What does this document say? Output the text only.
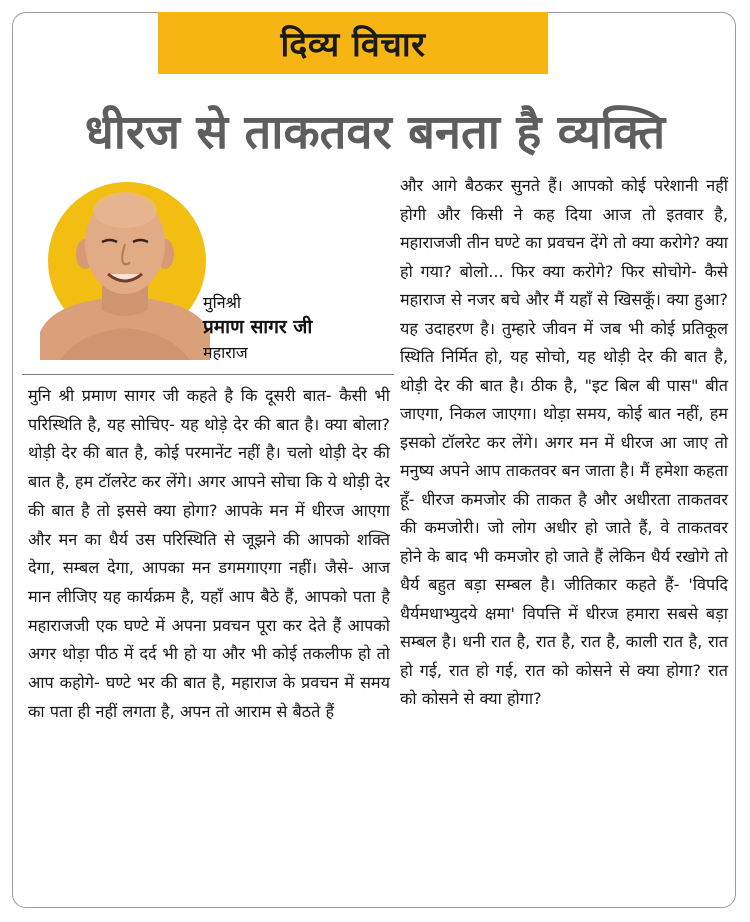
दिव्य विचार
धीरज से ताकतवर बनता है व्यक्ति
मुनिश्री
प्रमाण सागर जी
महाराज

मुनि श्री प्रमाण सागर जी कहते है कि दूसरी बात- कैसी भी परिस्थिति है, यह सोचिए- यह थोड़े देर की बात है। क्या बोला? थोड़ी देर की बात है, कोई परमानेंट नहीं है। चलो थोड़ी देर की बात है, हम टॉलरेट कर लेंगे। अगर आपने सोचा कि ये थोड़ी देर की बात है तो इससे क्या होगा? आपके मन में धीरज आएगा और मन का धैर्य उस परिस्थिति से जूझने की आपको शक्ति देगा, सम्बल देगा, आपका मन डगमगाएगा नहीं। जैसे- आज मान लीजिए यह कार्यक्रम है, यहाँ आप बैठे हैं, आपको पता है महाराजजी एक घण्टे में अपना प्रवचन पूरा कर देते हैं आपको अगर थोड़ा पीठ में दर्द भी हो या और भी कोई तकलीफ हो तो आप कहोगे- घण्टे भर की बात है, महाराज के प्रवचन में समय का पता ही नहीं लगता है, अपन तो आराम से बैठते हैं

और आगे बैठकर सुनते हैं। आपको कोई परेशानी नहीं होगी और किसी ने कह दिया आज तो इतवार है, महाराजजी तीन घण्टे का प्रवचन देंगे तो क्या करोगे? क्या हो गया? बोलो... फिर क्या करोगे? फिर सोचोगे- कैसे महाराज से नजर बचे और मैं यहाँ से खिसकूँ। क्या हुआ? यह उदाहरण है। तुम्हारे जीवन में जब भी कोई प्रतिकूल स्थिति निर्मित हो, यह सोचो, यह थोड़ी देर की बात है, थोड़ी देर की बात है। ठीक है, "इट बिल बी पास" बीत जाएगा, निकल जाएगा। थोड़ा समय, कोई बात नहीं, हम इसको टॉलरेट कर लेंगे। अगर मन में धीरज आ जाए तो मनुष्य अपने आप ताकतवर बन जाता है। मैं हमेशा कहता हूँ- धीरज कमजोर की ताकत है और अधीरता ताकतवर की कमजोरी। जो लोग अधीर हो जाते हैं, वे ताकतवर होने के बाद भी कमजोर हो जाते हैं लेकिन धैर्य रखोगे तो धैर्य बहुत बड़ा सम्बल है। जीतिकार कहते हैं- 'विपदि धैर्यमधाभ्युदये क्षमा' विपत्ति में धीरज हमारा सबसे बड़ा सम्बल है। धनी रात है, रात है, रात है, काली रात है, रात हो गई, रात हो गई, रात को कोसने से क्या होगा? रात को कोसने से क्या होगा?
